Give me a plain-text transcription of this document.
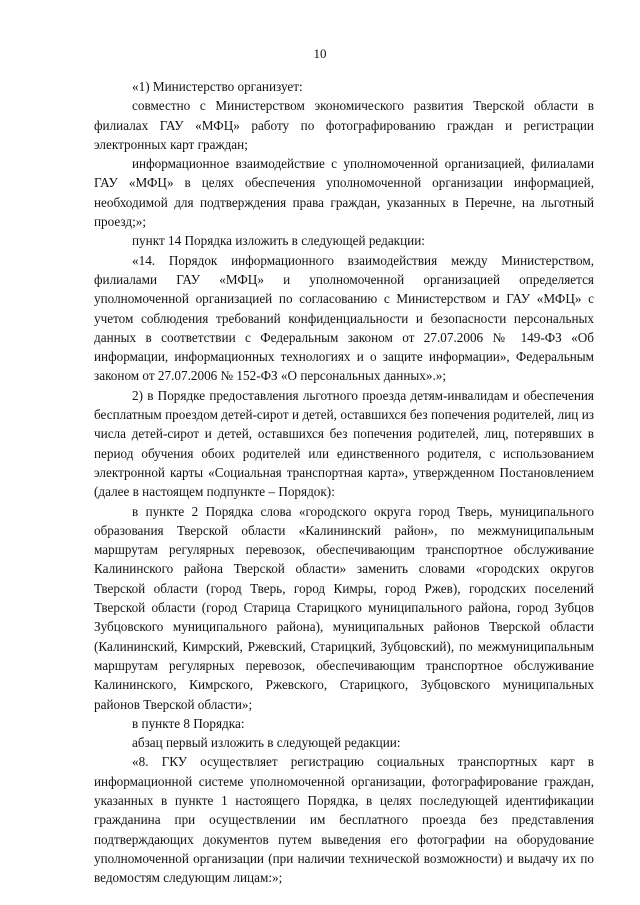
10

«1) Министерство организует:

совместно с Министерством экономического развития Тверской области в филиалах ГАУ «МФЦ» работу по фотографированию граждан и регистрации электронных карт граждан;

информационное взаимодействие с уполномоченной организацией, филиалами ГАУ «МФЦ» в целях обеспечения уполномоченной организации информацией, необходимой для подтверждения права граждан, указанных в Перечне, на льготный проезд;»;

пункт 14 Порядка изложить в следующей редакции:

«14. Порядок информационного взаимодействия между Министерством, филиалами ГАУ «МФЦ» и уполномоченной организацией определяется уполномоченной организацией по согласованию с Министерством и ГАУ «МФЦ» с учетом соблюдения требований конфиденциальности и безопасности персональных данных в соответствии с Федеральным законом от 27.07.2006 № 149-ФЗ «Об информации, информационных технологиях и о защите информации», Федеральным законом от 27.07.2006 № 152-ФЗ «О персональных данных».»;

2) в Порядке предоставления льготного проезда детям-инвалидам и обеспечения бесплатным проездом детей-сирот и детей, оставшихся без попечения родителей, лиц из числа детей-сирот и детей, оставшихся без попечения родителей, лиц, потерявших в период обучения обоих родителей или единственного родителя, с использованием электронной карты «Социальная транспортная карта», утвержденном Постановлением (далее в настоящем подпункте – Порядок):

в пункте 2 Порядка слова «городского округа город Тверь, муниципального образования Тверской области «Калининский район», по межмуниципальным маршрутам регулярных перевозок, обеспечивающим транспортное обслуживание Калининского района Тверской области» заменить словами «городских округов Тверской области (город Тверь, город Кимры, город Ржев), городских поселений Тверской области (город Старица Старицкого муниципального района, город Зубцов Зубцовского муниципального района), муниципальных районов Тверской области (Калининский, Кимрский, Ржевский, Старицкий, Зубцовский), по межмуниципальным маршрутам регулярных перевозок, обеспечивающим транспортное обслуживание Калининского, Кимрского, Ржевского, Старицкого, Зубцовского муниципальных районов Тверской области»;

в пункте 8 Порядка:

абзац первый изложить в следующей редакции:

«8. ГКУ осуществляет регистрацию социальных транспортных карт в информационной системе уполномоченной организации, фотографирование граждан, указанных в пункте 1 настоящего Порядка, в целях последующей идентификации гражданина при осуществлении им бесплатного проезда без представления подтверждающих документов путем выведения его фотографии на оборудование уполномоченной организации (при наличии технической возможности) и выдачу их по ведомостям следующим лицам:»;
